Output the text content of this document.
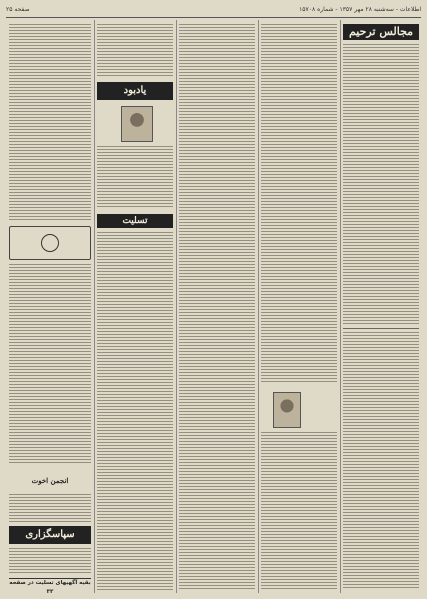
صفحه ۲۵	اطلاعات - سه‌شنبه ۲۸ مهر ۱۳۵۷ - شماره ۱۵۷۰۸
مجالس ترحیم
یادبود
تسلیت
انجمن اخوت
سپاسگزاری
بقیه آگهیهای تسلیت در صفحه ۳۳
